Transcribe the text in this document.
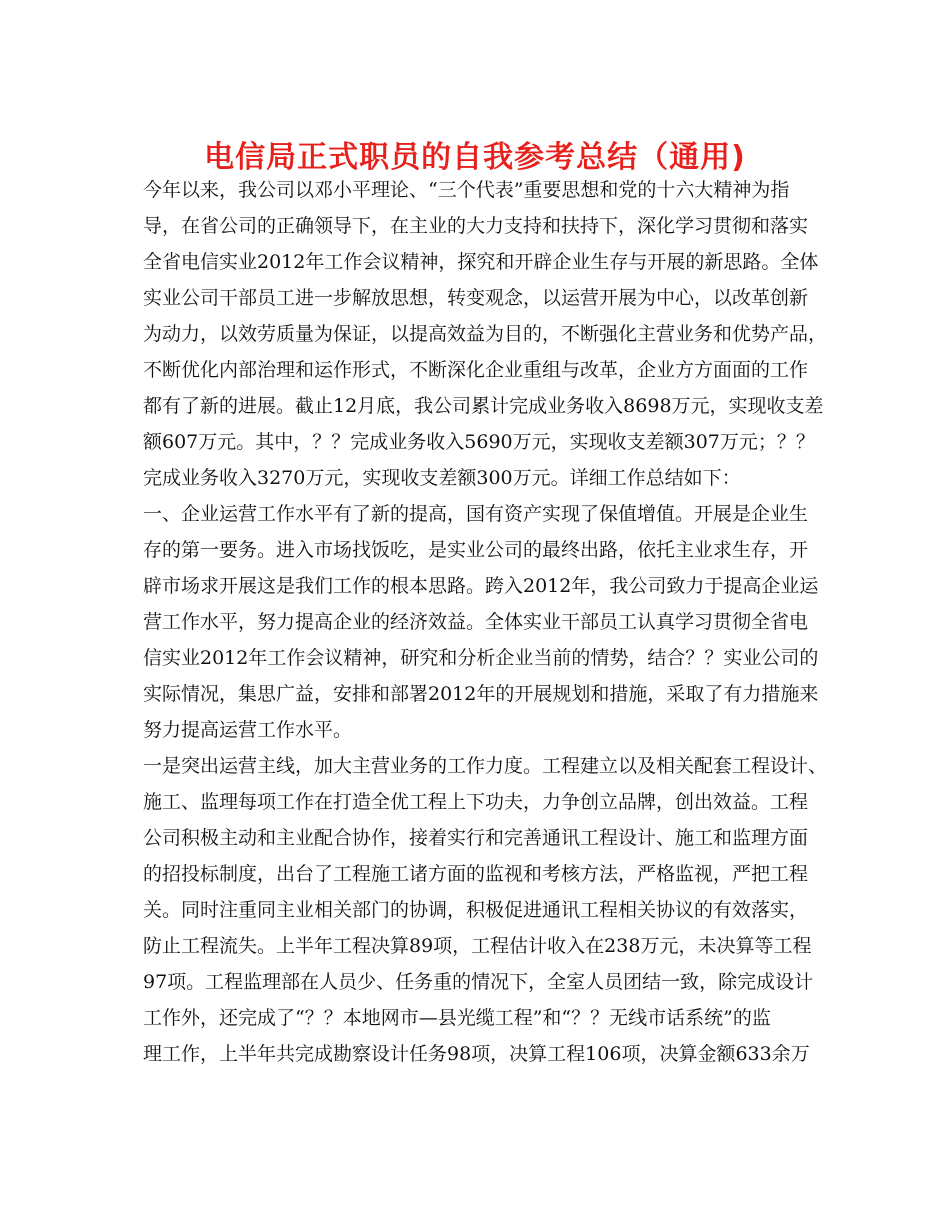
电信局正式职员的自我参考总结（通用)
今年以来，我公司以邓小平理论、“三个代表”重要思想和党的十六大精神为指
导，在省公司的正确领导下，在主业的大力支持和扶持下，深化学习贯彻和落实
全省电信实业2012年工作会议精神，探究和开辟企业生存与开展的新思路。全体
实业公司干部员工进一步解放思想，转变观念，以运营开展为中心，以改革创新
为动力，以效劳质量为保证，以提高效益为目的，不断强化主营业务和优势产品，
不断优化内部治理和运作形式，不断深化企业重组与改革，企业方方面面的工作
都有了新的进展。截止12月底，我公司累计完成业务收入8698万元，实现收支差
额607万元。其中，？？完成业务收入5690万元，实现收支差额307万元；？？
完成业务收入3270万元，实现收支差额300万元。详细工作总结如下：
一、企业运营工作水平有了新的提高，国有资产实现了保值增值。开展是企业生
存的第一要务。进入市场找饭吃，是实业公司的最终出路，依托主业求生存，开
辟市场求开展这是我们工作的根本思路。跨入2012年，我公司致力于提高企业运
营工作水平，努力提高企业的经济效益。全体实业干部员工认真学习贯彻全省电
信实业2012年工作会议精神，研究和分析企业当前的情势，结合？？实业公司的
实际情况，集思广益，安排和部署2012年的开展规划和措施，采取了有力措施来
努力提高运营工作水平。
一是突出运营主线，加大主营业务的工作力度。工程建立以及相关配套工程设计、
施工、监理每项工作在打造全优工程上下功夫，力争创立品牌，创出效益。工程
公司积极主动和主业配合协作，接着实行和完善通讯工程设计、施工和监理方面
的招投标制度，出台了工程施工诸方面的监视和考核方法，严格监视，严把工程
关。同时注重同主业相关部门的协调，积极促进通讯工程相关协议的有效落实，
防止工程流失。上半年工程决算89项，工程估计收入在238万元，未决算等工程
97项。工程监理部在人员少、任务重的情况下，全室人员团结一致，除完成设计
工作外，还完成了“？？本地网市—县光缆工程”和“？？无线市话系统”的监
理工作，上半年共完成勘察设计任务98项，决算工程106项，决算金额633余万
